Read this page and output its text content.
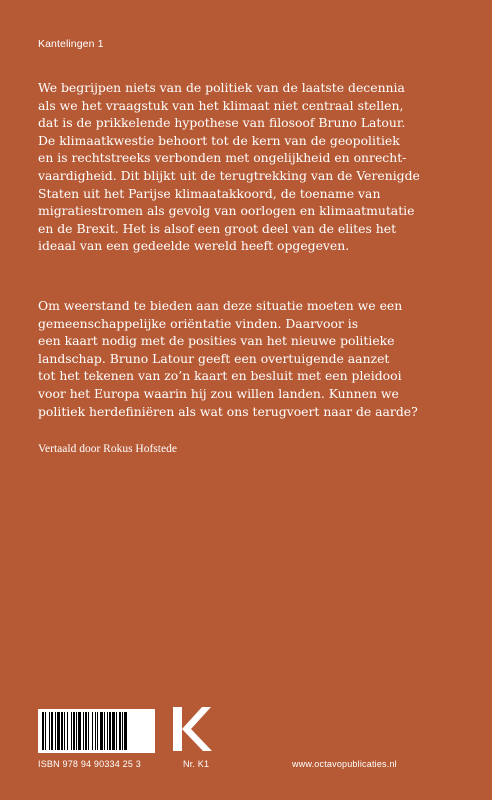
Kantelingen 1
We begrijpen niets van de politiek van de laatste decennia
als we het vraagstuk van het klimaat niet centraal stellen,
dat is de prikkelende hypothese van filosoof Bruno Latour.
De klimaatkwestie behoort tot de kern van de geopolitiek
en is rechtstreeks verbonden met ongelijkheid en onrecht-
vaardigheid. Dit blijkt uit de terugtrekking van de Verenigde
Staten uit het Parijse klimaatakkoord, de toename van
migratiestromen als gevolg van oorlogen en klimaatmutatie
en de Brexit. Het is alsof een groot deel van de elites het
ideaal van een gedeelde wereld heeft opgegeven.
Om weerstand te bieden aan deze situatie moeten we een
gemeenschappelijke oriëntatie vinden. Daarvoor is
een kaart nodig met de posities van het nieuwe politieke
landschap. Bruno Latour geeft een overtuigende aanzet
tot het tekenen van zo’n kaart en besluit met een pleidooi
voor het Europa waarin hij zou willen landen. Kunnen we
politiek herdefiniëren als wat ons terugvoert naar de aarde?
Vertaald door Rokus Hofstede
ISBN 978 94 90334 25 3	Nr. K1	www.octavopublicaties.nl
